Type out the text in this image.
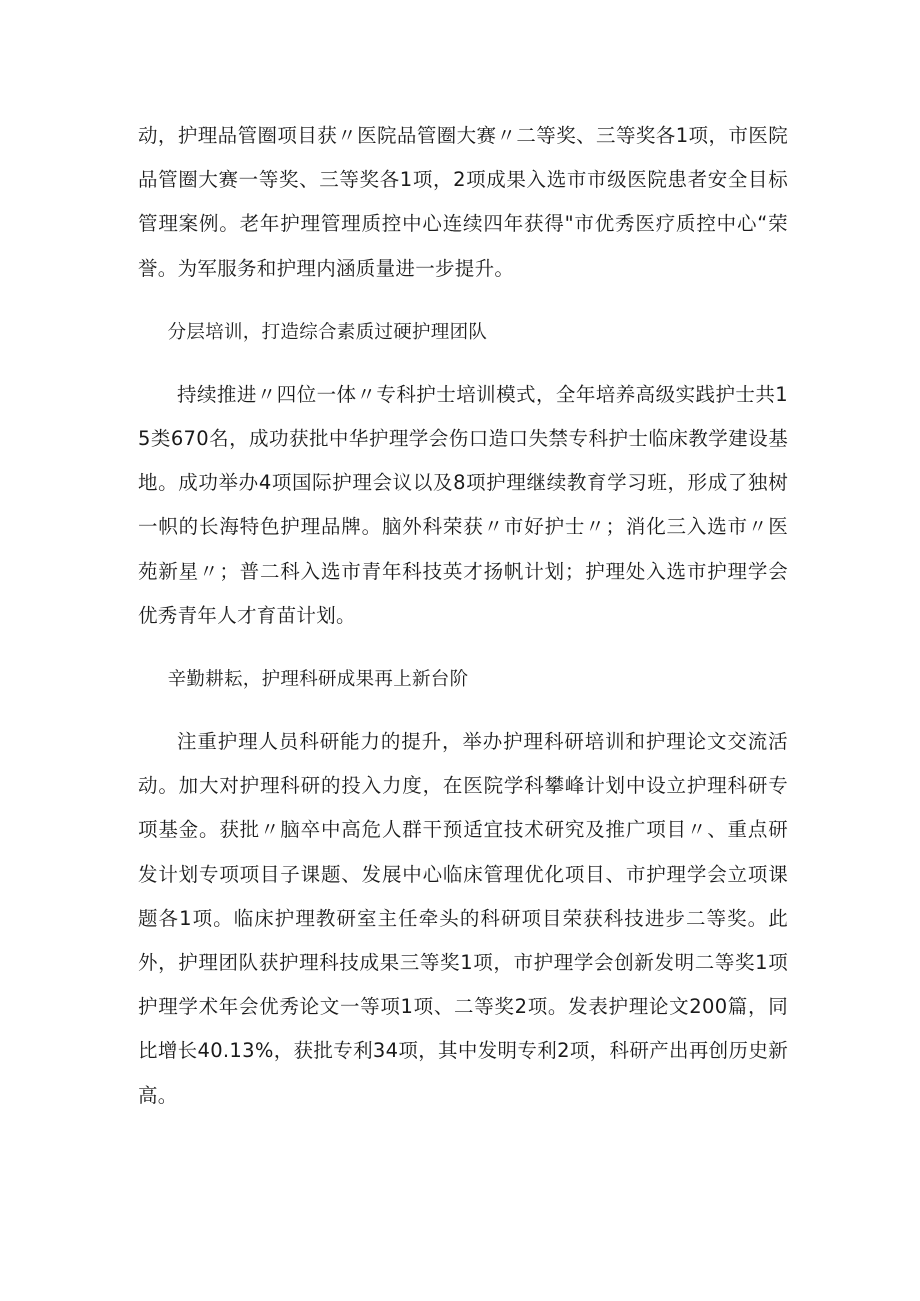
动，护理品管圈项目获〃医院品管圈大赛〃二等奖、三等奖各1项，市医院品管圈大赛一等奖、三等奖各1项，2项成果入选市市级医院患者安全目标管理案例。老年护理管理质控中心连续四年获得"市优秀医疗质控中心“荣誉。为军服务和护理内涵质量进一步提升。

分层培训，打造综合素质过硬护理团队

持续推进〃四位一体〃专科护士培训模式，全年培养高级实践护士共15类670名，成功获批中华护理学会伤口造口失禁专科护士临床教学建设基地。成功举办4项国际护理会议以及8项护理继续教育学习班，形成了独树一帜的长海特色护理品牌。脑外科荣获〃市好护士〃；消化三入选市〃医苑新星〃；普二科入选市青年科技英才扬帆计划；护理处入选市护理学会优秀青年人才育苗计划。

辛勤耕耘，护理科研成果再上新台阶

注重护理人员科研能力的提升，举办护理科研培训和护理论文交流活动。加大对护理科研的投入力度，在医院学科攀峰计划中设立护理科研专项基金。获批〃脑卒中高危人群干预适宜技术研究及推广项目〃、重点研发计划专项项目子课题、发展中心临床管理优化项目、市护理学会立项课题各1项。临床护理教研室主任牵头的科研项目荣获科技进步二等奖。此外，护理团队获护理科技成果三等奖1项，市护理学会创新发明二等奖1项护理学术年会优秀论文一等项1项、二等奖2项。发表护理论文200篇，同比增长40.13%，获批专利34项，其中发明专利2项，科研产出再创历史新高。
